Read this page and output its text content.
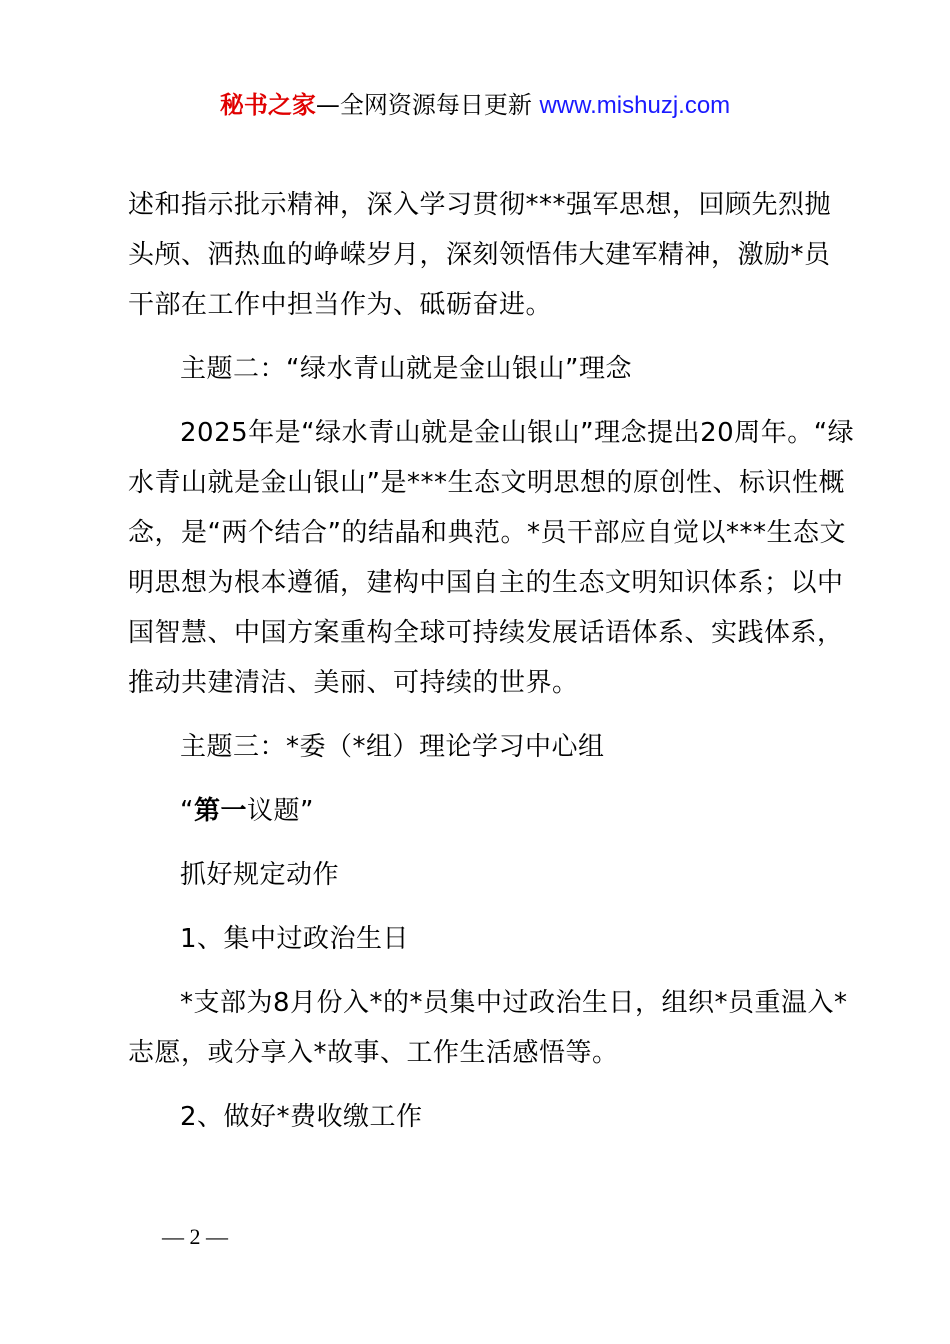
秘书之家—全网资源每日更新 www.mishuzj.com

述和指示批示精神，深入学习贯彻***强军思想，回顾先烈抛头颅、洒热血的峥嵘岁月，深刻领悟伟大建军精神，激励*员干部在工作中担当作为、砥砺奋进。

主题二：“绿水青山就是金山银山”理念

2025年是“绿水青山就是金山银山”理念提出20周年。“绿水青山就是金山银山”是***生态文明思想的原创性、标识性概念，是“两个结合”的结晶和典范。*员干部应自觉以***生态文明思想为根本遵循，建构中国自主的生态文明知识体系；以中国智慧、中国方案重构全球可持续发展话语体系、实践体系，推动共建清洁、美丽、可持续的世界。

主题三：*委（*组）理论学习中心组

“第一议题”

抓好规定动作

1、集中过政治生日

*支部为8月份入*的*员集中过政治生日，组织*员重温入*志愿，或分享入*故事、工作生活感悟等。

2、做好*费收缴工作

— 2 —
